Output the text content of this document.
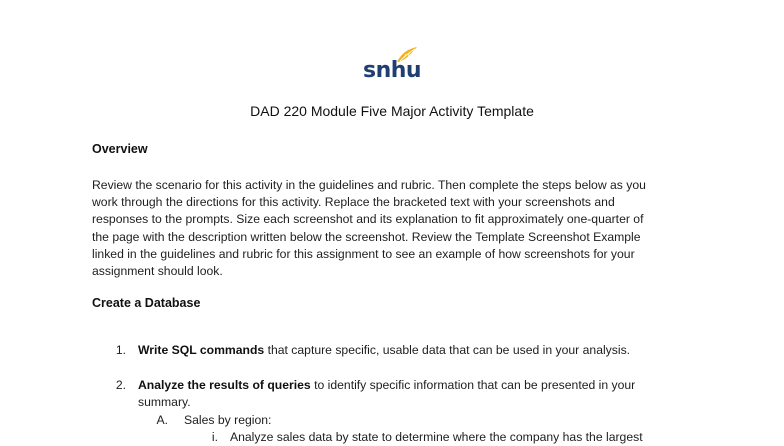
snhu
DAD 220 Module Five Major Activity Template
Overview
Review the scenario for this activity in the guidelines and rubric. Then complete the steps below as you
work through the directions for this activity. Replace the bracketed text with your screenshots and
responses to the prompts. Size each screenshot and its explanation to fit approximately one-quarter of
the page with the description written below the screenshot. Review the Template Screenshot Example
linked in the guidelines and rubric for this assignment to see an example of how screenshots for your
assignment should look.
Create a Database
1. Write SQL commands that capture specific, usable data that can be used in your analysis.
2. Analyze the results of queries to identify specific information that can be presented in your
summary.
A. Sales by region:
i. Analyze sales data by state to determine where the company has the largest
